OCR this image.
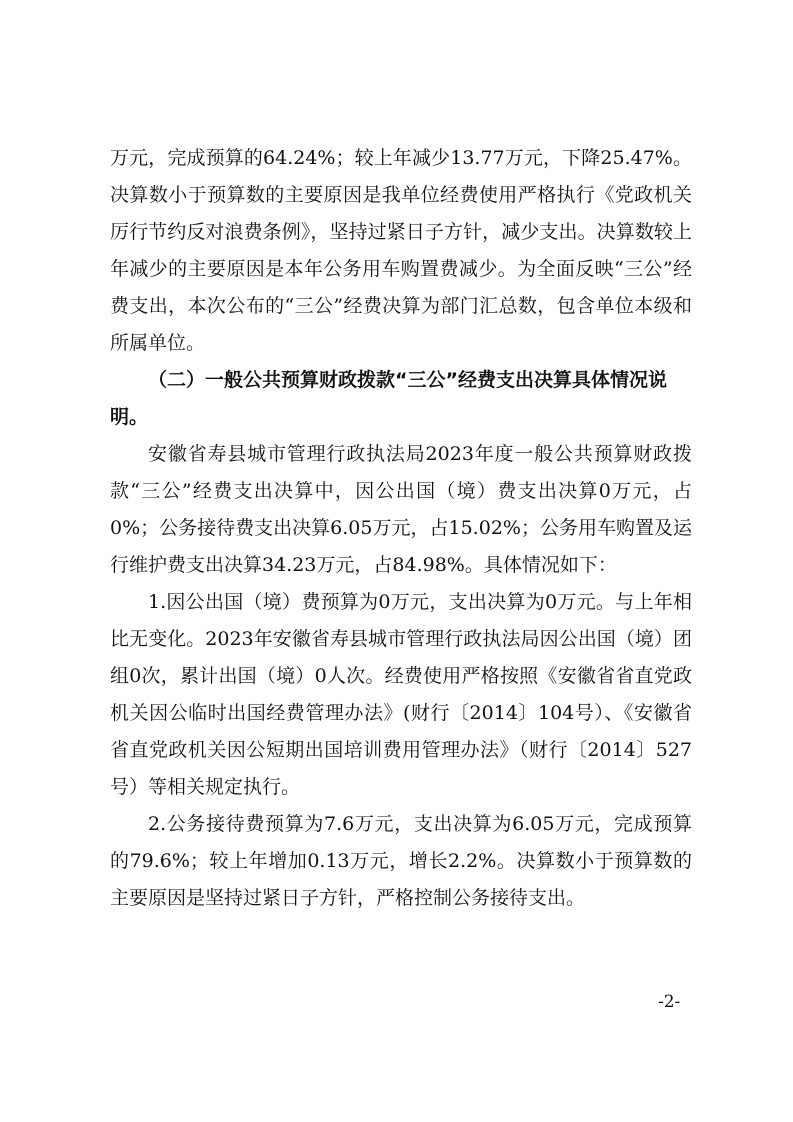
万元，完成预算的64.24%；较上年减少13.77万元，下降25.47%。决算数小于预算数的主要原因是我单位经费使用严格执行《党政机关厉行节约反对浪费条例》，坚持过紧日子方针，减少支出。决算数较上年减少的主要原因是本年公务用车购置费减少。为全面反映“三公”经费支出，本次公布的“三公”经费决算为部门汇总数，包含单位本级和所属单位。

（二）一般公共预算财政拨款“三公”经费支出决算具体情况说明。

安徽省寿县城市管理行政执法局2023年度一般公共预算财政拨款“三公”经费支出决算中，因公出国（境）费支出决算0万元，占0%；公务接待费支出决算6.05万元，占15.02%；公务用车购置及运行维护费支出决算34.23万元，占84.98%。具体情况如下：

1.因公出国（境）费预算为0万元，支出决算为0万元。与上年相比无变化。2023年安徽省寿县城市管理行政执法局因公出国（境）团组0次，累计出国（境）0人次。经费使用严格按照《安徽省省直党政机关因公临时出国经费管理办法》(财行〔2014〕104号）、《安徽省省直党政机关因公短期出国培训费用管理办法》（财行〔2014〕527号）等相关规定执行。

2.公务接待费预算为7.6万元，支出决算为6.05万元，完成预算的79.6%；较上年增加0.13万元，增长2.2%。决算数小于预算数的主要原因是坚持过紧日子方针，严格控制公务接待支出。

-2-
